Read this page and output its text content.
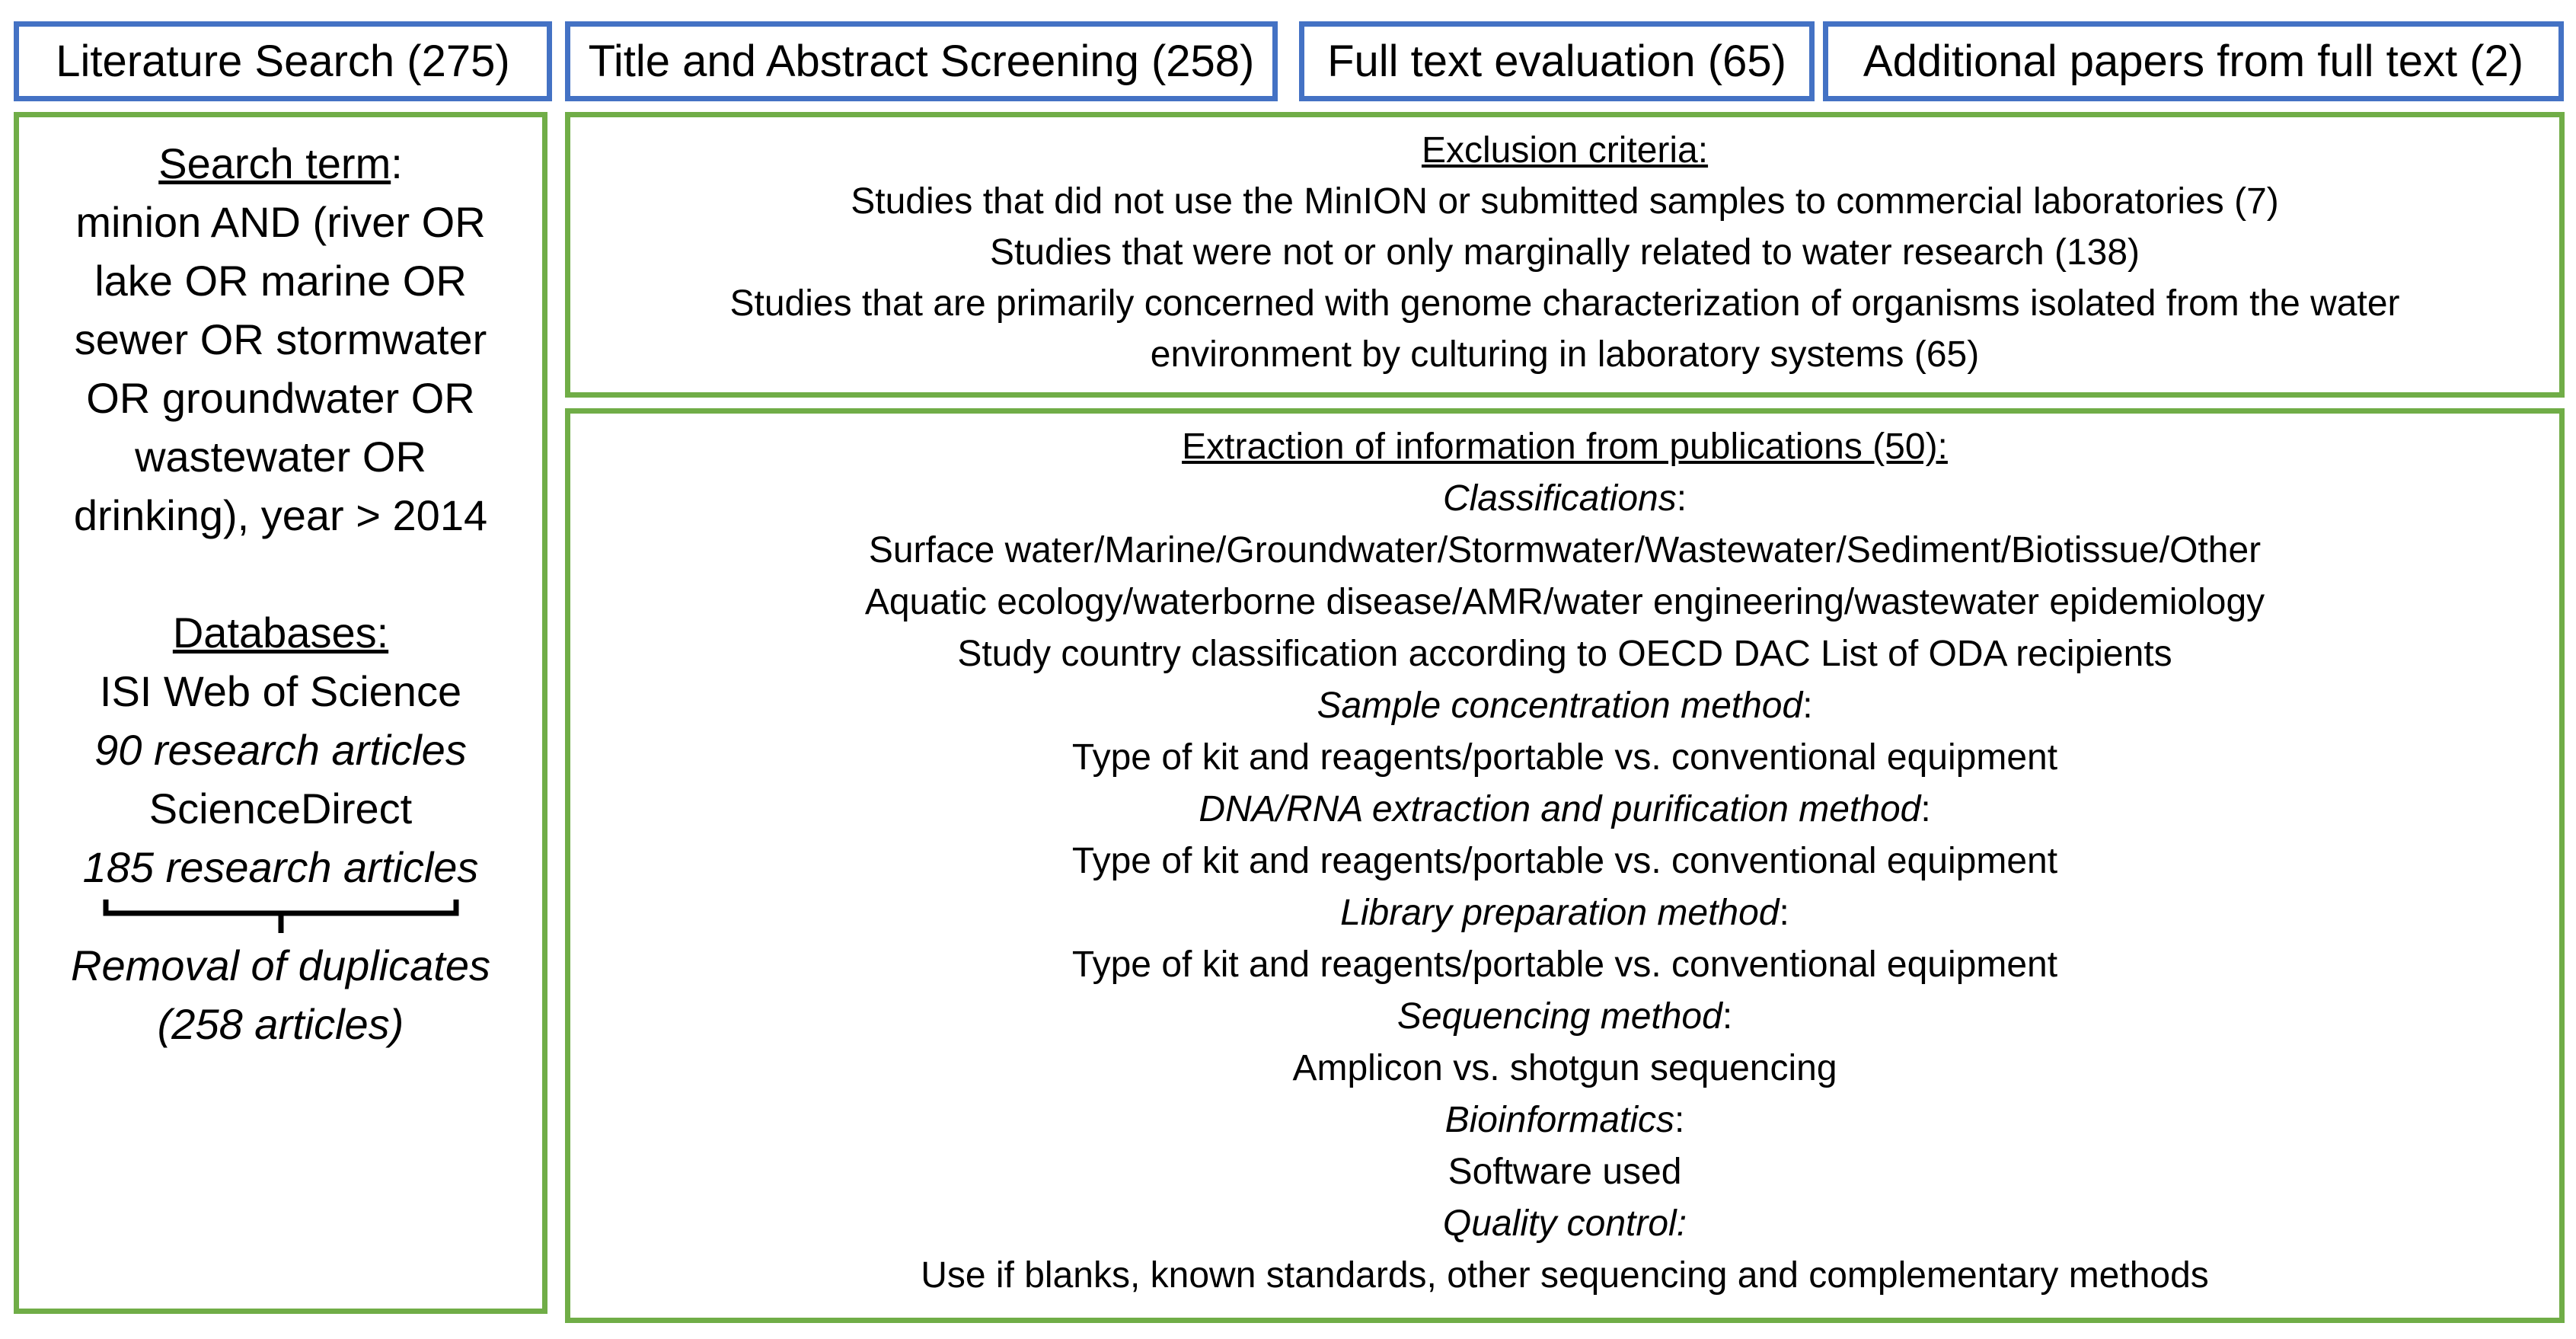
Literature Search (275) Title and Abstract Screening (258) Full text evaluation (65) Additional papers from full text (2)
Search term:
minion AND (river OR
lake OR marine OR
sewer OR stormwater
OR groundwater OR
wastewater OR
drinking), year > 2014
Databases:
ISI Web of Science
90 research articles
ScienceDirect
185 research articles
Removal of duplicates
(258 articles)
Exclusion criteria:
Studies that did not use the MinION or submitted samples to commercial laboratories (7)
Studies that were not or only marginally related to water research (138)
Studies that are primarily concerned with genome characterization of organisms isolated from the water
environment by culturing in laboratory systems (65)
Extraction of information from publications (50):
Classifications:
Surface water/Marine/Groundwater/Stormwater/Wastewater/Sediment/Biotissue/Other
Aquatic ecology/waterborne disease/AMR/water engineering/wastewater epidemiology
Study country classification according to OECD DAC List of ODA recipients
Sample concentration method:
Type of kit and reagents/portable vs. conventional equipment
DNA/RNA extraction and purification method:
Type of kit and reagents/portable vs. conventional equipment
Library preparation method:
Type of kit and reagents/portable vs. conventional equipment
Sequencing method:
Amplicon vs. shotgun sequencing
Bioinformatics:
Software used
Quality control:
Use if blanks, known standards, other sequencing and complementary methods
